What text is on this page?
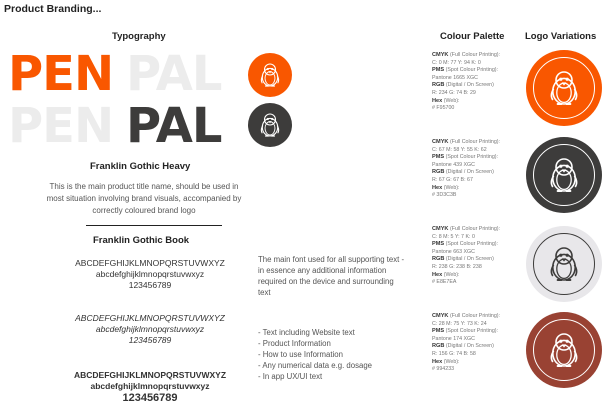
Product Branding...
Typography
PEN PAL
PEN PAL
Franklin Gothic Heavy
This is the main product title name, should be used in most situation involving brand visuals, accompanied by correctly coloured brand logo
Franklin Gothic Book
ABCDEFGHIJKLMNOPQRSTUVWXYZ
abcdefghijklmnopqrstuvwxyz
123456789
ABCDEFGHIJKLMNOPQRSTUVWXYZ
abcdefghijklmnopqrstuvwxyz
123456789
ABCDEFGHIJKLMNOPQRSTUVWXYZ
abcdefghijklmnopqrstuvwxyz
123456789
The main font used for all supporting text - in essence any additional information required on the device and surrounding text
- Text including Website text
- Product Information
- How to use Information
- Any numerical data e.g. dosage
- In app UX/UI text
Colour Palette Logo Variations
CMYK (Full Colour Printing):
C: 0 M: 77 Y: 94 K: 0
PMS (Spot Colour Printing):
Pantone 1665 XGC
RGB (Digital / On Screen)
R: 234 G: 74 B: 29
Hex (Web):
# F95700
CMYK (Full Colour Printing):
C: 67 M: 58 Y: 55 K: 62
PMS (Spot Colour Printing):
Pantone 439 XGC
RGB (Digital / On Screen)
R: 67 G: 67 B: 67
Hex (Web):
# 3D3C3B
CMYK (Full Colour Printing):
C: 8 M: 5 Y: 7 K: 0
PMS (Spot Colour Printing):
Pantone 663 XGC
RGB (Digital / On Screen)
R: 238 G: 238 B: 238
Hex (Web):
# E8E7EA
CMYK (Full Colour Printing):
C: 28 M: 75 Y: 73 K: 24
PMS (Spot Colour Printing):
Pantone 174 XGC
RGB (Digital / On Screen)
R: 156 G: 74 B: 58
Hex (Web):
# 994233
